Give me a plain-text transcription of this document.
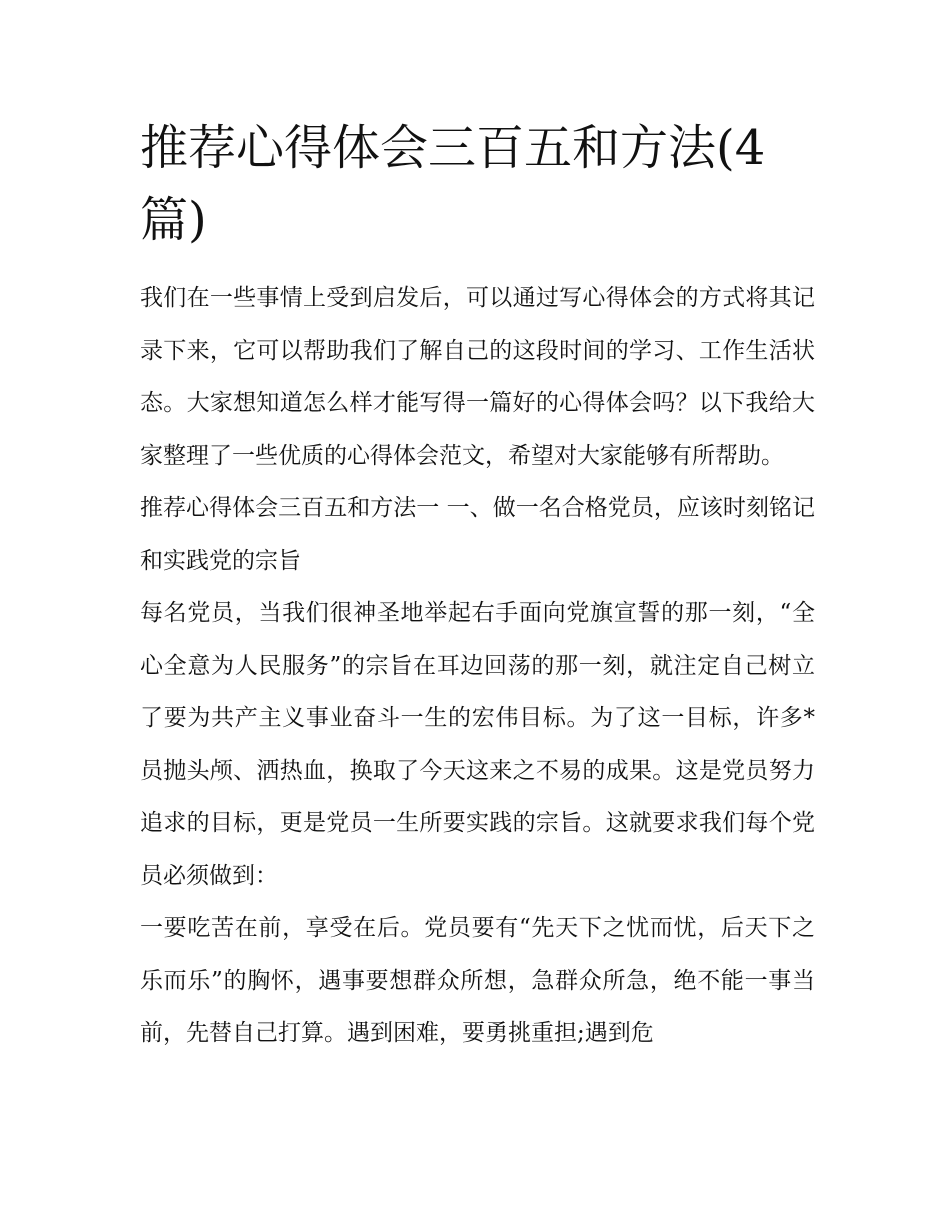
推荐心得体会三百五和方法(4篇)

我们在一些事情上受到启发后，可以通过写心得体会的方式将其记录下来，它可以帮助我们了解自己的这段时间的学习、工作生活状态。大家想知道怎么样才能写得一篇好的心得体会吗？以下我给大家整理了一些优质的心得体会范文，希望对大家能够有所帮助。

推荐心得体会三百五和方法一 一、做一名合格党员，应该时刻铭记和实践党的宗旨

每名党员，当我们很神圣地举起右手面向党旗宣誓的那一刻，“全心全意为人民服务”的宗旨在耳边回荡的那一刻，就注定自己树立了要为共产主义事业奋斗一生的宏伟目标。为了这一目标，许多*员抛头颅、洒热血，换取了今天这来之不易的成果。这是党员努力追求的目标，更是党员一生所要实践的宗旨。这就要求我们每个党员必须做到：

一要吃苦在前，享受在后。党员要有“先天下之忧而忧，后天下之乐而乐”的胸怀，遇事要想群众所想，急群众所急，绝不能一事当前，先替自己打算。遇到困难，要勇挑重担;遇到危
